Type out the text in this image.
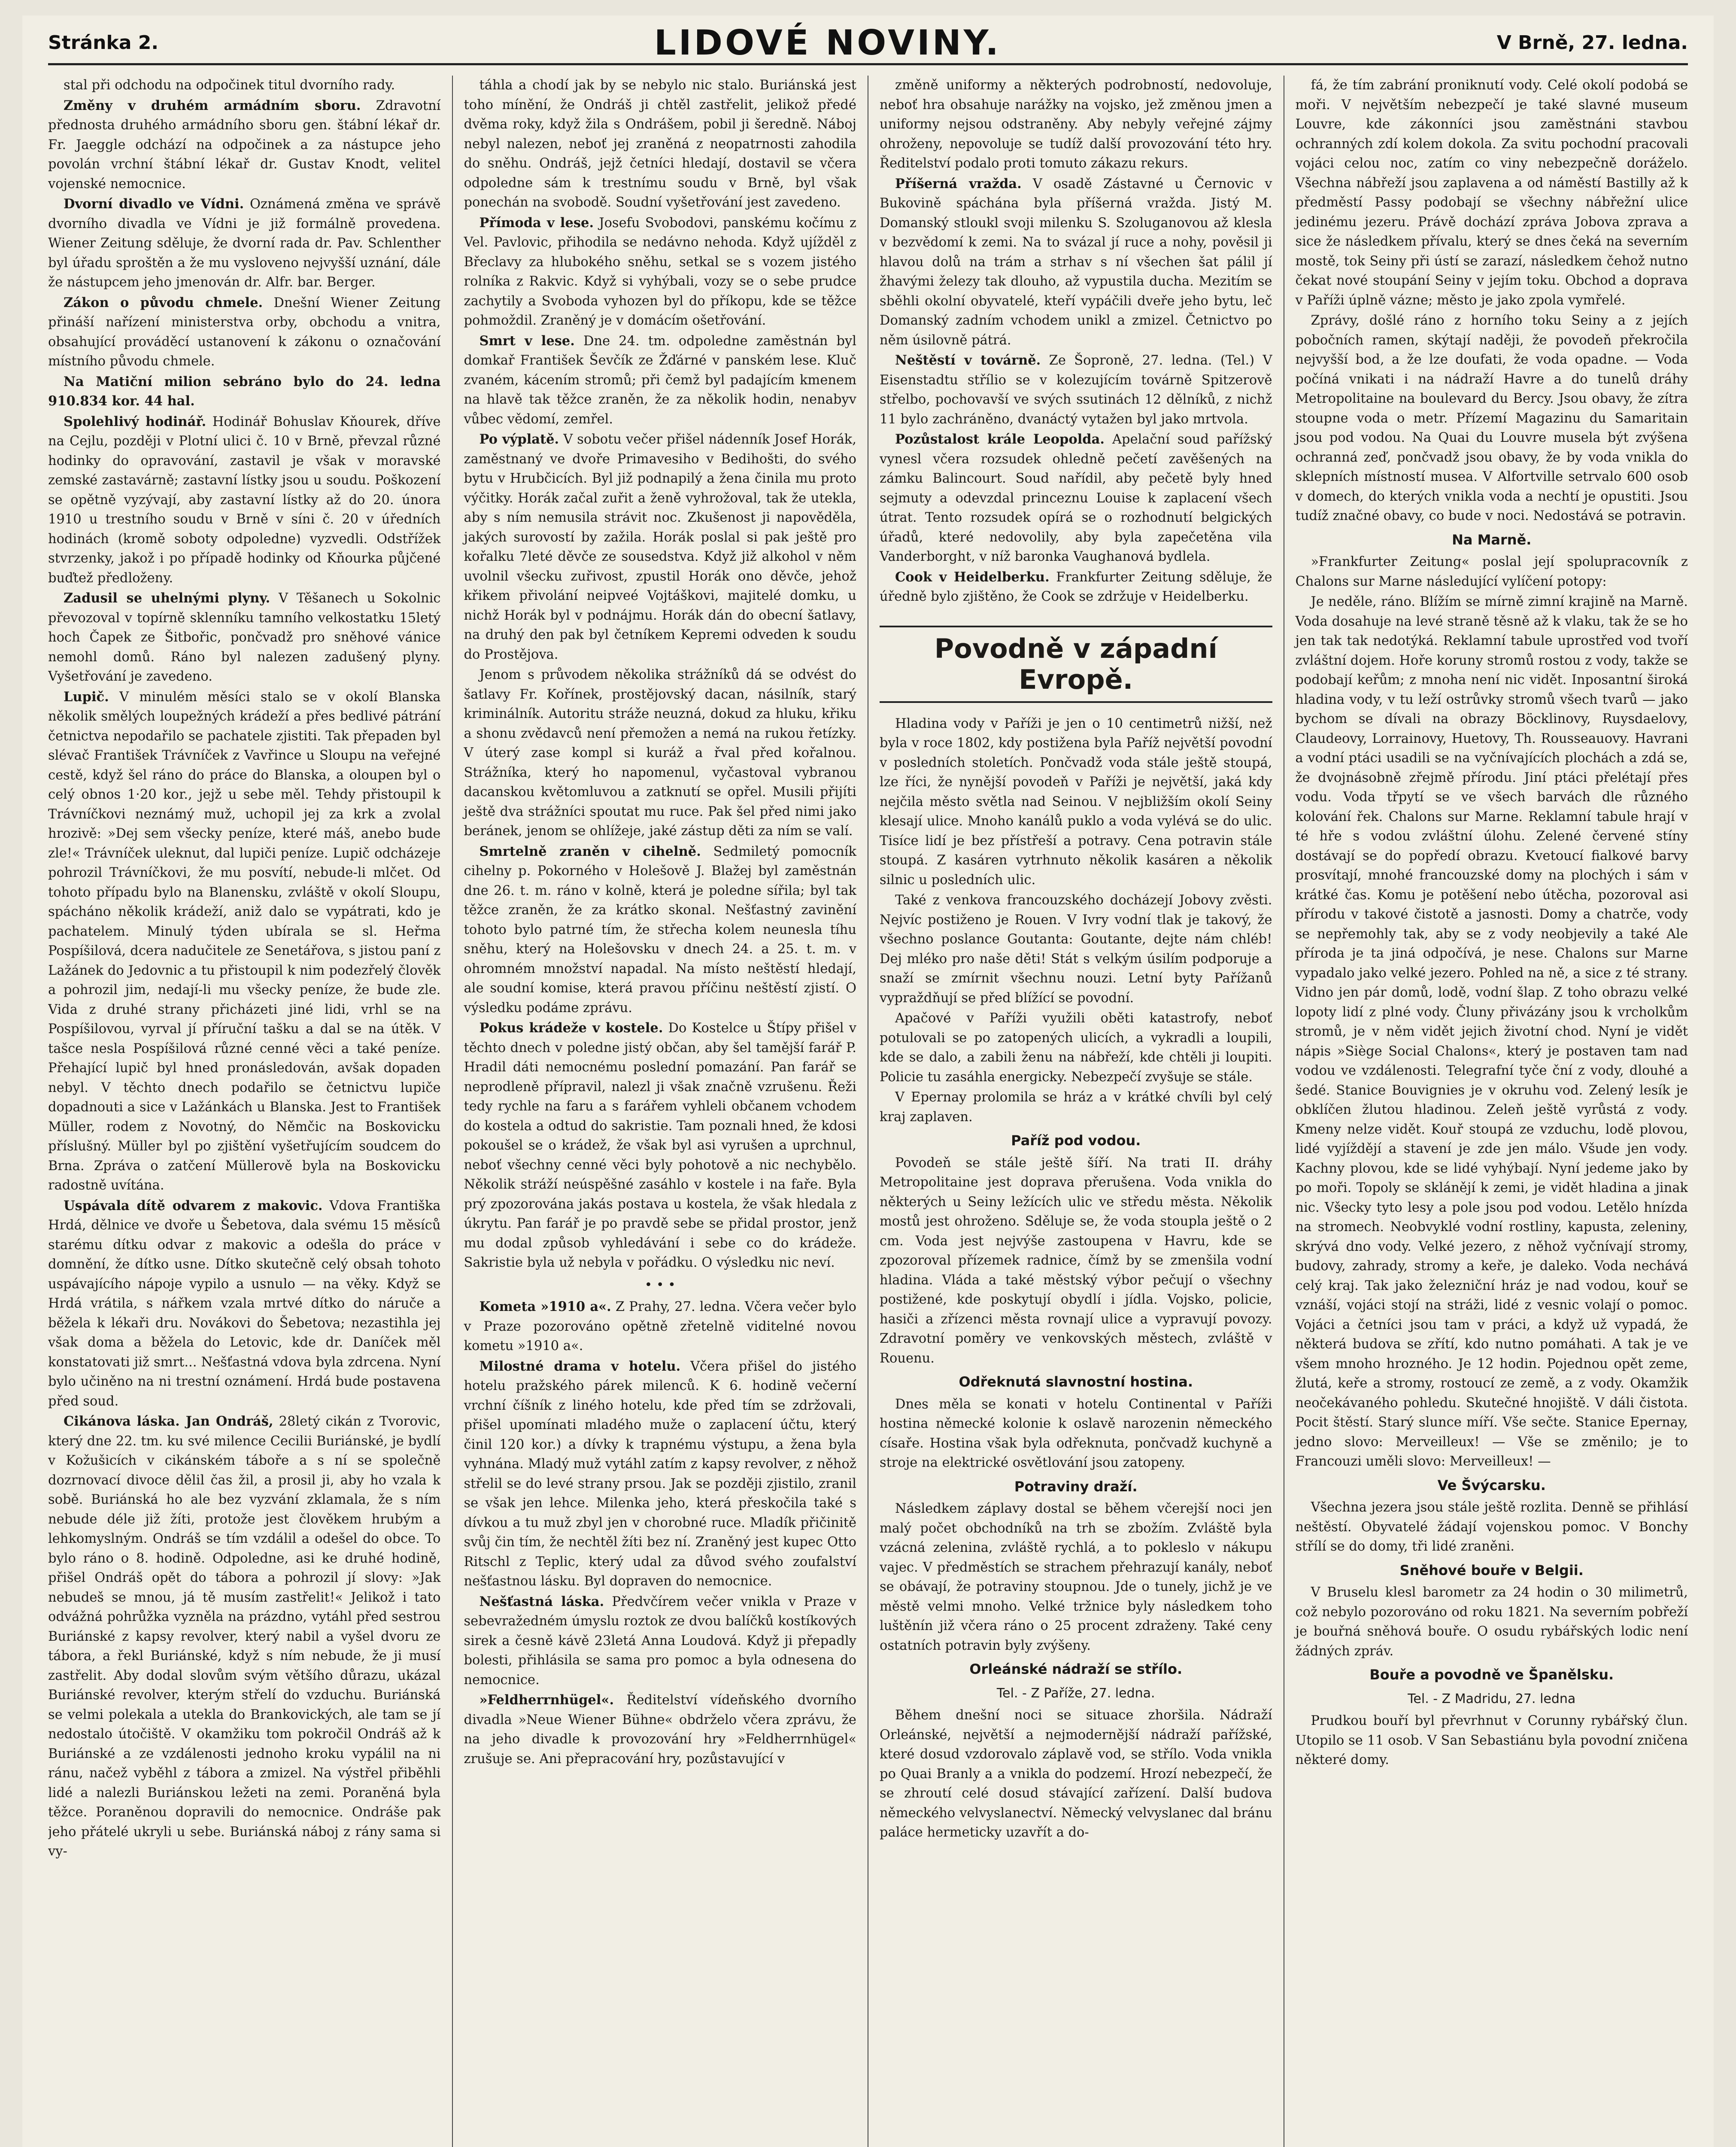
Stránka 2.	LIDOVÉ NOVINY.	V Brně, 27. ledna.

stal při odchodu na odpočinek titul dvorního rady.

Změny v druhém armádním sboru. Zdravotní přednosta druhého armádního sboru gen. štábní lékař dr. Fr. Jaeggle odchází na odpočinek a za nástupce jeho povolán vrchní štábní lékař dr. Gustav Knodt, velitel vojenské nemocnice.

Dvorní divadlo ve Vídni. Oznámená změna ve správě dvorního divadla ve Vídni je již formálně provedena. Wiener Zeitung sděluje, že dvorní rada dr. Pav. Schlenther byl úřadu sproštěn a že mu vysloveno nejvyšší uznání, dále že nástupcem jeho jmenován dr. Alfr. bar. Berger.

Zákon o původu chmele. Dnešní Wiener Zeitung přináší nařízení ministerstva orby, obchodu a vnitra, obsahující prováděcí ustanovení k zákonu o označování místního původu chmele.

Na Matiční milion sebráno bylo do 24. ledna 910.834 kor. 44 hal.

Spolehlivý hodinář. Hodinář Bohuslav Kňourek, dříve na Cejlu, později v Plotní ulici č. 10 v Brně, převzal různé hodinky do opravování, zastavil je však v moravské zemské zastavárně; zastavní lístky jsou u soudu. Poškození se opětně vyzývají, aby zastavní lístky až do 20. února 1910 u trestního soudu v Brně v síni č. 20 v úředních hodinách (kromě soboty odpoledne) vyzvedli. Odstřížek stvrzenky, jakož i po případě hodinky od Kňourka půjčené buďtež předloženy.

Zadusil se uhelnými plyny. V Těšanech u Sokolnic převozoval v topírně sklenníku tamního velkostatku 15letý hoch Čapek ze Šitbořic, pončvadž pro sněhové vánice nemohl domů. Ráno byl nalezen zadušený plyny. Vyšetřování je zavedeno.

Lupič. V minulém měsíci stalo se v okolí Blanska několik smělých loupežných krádeží a přes bedlivé pátrání četnictva nepodařilo se pachatele zjistiti. Tak přepaden byl slévač František Trávníček z Vavřince u Sloupu na veřejné cestě, když šel ráno do práce do Blanska, a oloupen byl o celý obnos 1·20 kor., jejž u sebe měl. Tehdy přistoupil k Trávníčkovi neznámý muž, uchopil jej za krk a zvolal hrozivě: »Dej sem všecky peníze, které máš, anebo bude zle!« Trávníček uleknut, dal lupiči peníze. Lupič odcházeje pohrozil Trávníčkovi, že mu posvítí, nebude-li mlčet. Od tohoto případu bylo na Blanensku, zvláště v okolí Sloupu, spácháno několik krádeží, aniž dalo se vypátrati, kdo je pachatelem. Minulý týden ubírala se sl. Heřma Pospíšilová, dcera nadučitele ze Senetářova, s jistou paní z Lažánek do Jedovnic a tu přistoupil k nim podezřelý člověk a pohrozil jim, nedají-li mu všecky peníze, že bude zle. Vida z druhé strany přicházeti jiné lidi, vrhl se na Pospíšilovou, vyrval jí příruční tašku a dal se na útěk. V tašce nesla Pospíšilová různé cenné věci a také peníze. Přehající lupič byl hned pronásledován, avšak dopaden nebyl. V těchto dnech podařilo se četnictvu lupiče dopadnouti a sice v Lažánkách u Blanska. Jest to František Müller, rodem z Novotný, do Němčic na Boskovicku příslušný. Müller byl po zjištění vyšetřujícím soudcem do Brna. Zpráva o zatčení Müllerově byla na Boskovicku radostně uvítána.

Uspávala dítě odvarem z makovic. Vdova Františka Hrdá, dělnice ve dvoře u Šebetova, dala svému 15 měsíců starému dítku odvar z makovic a odešla do práce v domnění, že dítko usne. Dítko skutečně celý obsah tohoto uspávajícího nápoje vypilo a usnulo — na věky. Když se Hrdá vrátila, s nářkem vzala mrtvé dítko do náruče a běžela k lékaři dru. Novákovi do Šebetova; nezastihla jej však doma a běžela do Letovic, kde dr. Daníček měl konstatovati již smrt... Nešťastná vdova byla zdrcena. Nyní bylo učiněno na ni trestní oznámení. Hrdá bude postavena před soud.

Cikánova láska. Jan Ondráš, 28letý cikán z Tvorovic, který dne 22. tm. ku své milence Cecilii Buriánské, je bydlí v Kožušicích v cikánském táboře a s ní se společně dozrnovací divoce dělil čas žil, a prosil ji, aby ho vzala k sobě. Buriánská ho ale bez vyzvání zklamala, že s ním nebude déle již žíti, protože jest člověkem hrubým a lehkomyslným. Ondráš se tím vzdálil a odešel do obce. To bylo ráno o 8. hodině. Odpoledne, asi ke druhé hodině, přišel Ondráš opět do tábora a pohrozil jí slovy: »Jak nebudeš se mnou, já tě musím zastřelit!« Jelikož i tato odvážná pohrůžka vyzněla na prázdno, vytáhl před sestrou Buriánské z kapsy revolver, který nabil a vyšel dvoru ze tábora, a řekl Buriánské, když s ním nebude, že ji musí zastřelit. Aby dodal slovům svým většího důrazu, ukázal Buriánské revolver, kterým střelí do vzduchu. Buriánská se velmi polekala a utekla do Brankovických, ale tam se jí nedostalo útočiště. V okamžiku tom pokročil Ondráš až k Buriánské a ze vzdálenosti jednoho kroku vypálil na ni ránu, načež vyběhl z tábora a zmizel. Na výstřel přiběhli lidé a nalezli Buriánskou ležeti na zemi. Poraněná byla těžce. Poraněnou dopravili do nemocnice. Ondráše pak jeho přátelé ukryli u sebe. Buriánská náboj z rány sama si vy-

táhla a chodí jak by se nebylo nic stalo. Buriánská jest toho mínění, že Ondráš ji chtěl zastřelit, jelikož předé dvěma roky, když žila s Ondrášem, pobil ji šeredně. Náboj nebyl nalezen, neboť jej zraněná z neopatrnosti zahodila do sněhu. Ondráš, jejž četníci hledají, dostavil se včera odpoledne sám k trestnímu soudu v Brně, byl však ponechán na svobodě. Soudní vyšetřování jest zavedeno.

Přímoda v lese. Josefu Svobodovi, panskému kočímu z Vel. Pavlovic, přihodila se nedávno nehoda. Když ujížděl z Břeclavy za hlubokého sněhu, setkal se s vozem jistého rolníka z Rakvic. Když si vyhýbali, vozy se o sebe prudce zachytily a Svoboda vyhozen byl do příkopu, kde se těžce pohmoždil. Zraněný je v domácím ošetřování.

Smrt v lese. Dne 24. tm. odpoledne zaměstnán byl domkař František Ševčík ze Žďárné v panském lese. Kluč zvaném, kácením stromů; při čemž byl padajícím kmenem na hlavě tak těžce zraněn, že za několik hodin, nenabyv vůbec vědomí, zemřel.

Po výplatě. V sobotu večer přišel nádenník Josef Horák, zaměstnaný ve dvoře Primavesiho v Bedihošti, do svého bytu v Hrubčicích. Byl již podnapilý a žena činila mu proto výčitky. Horák začal zuřit a ženě vyhrožoval, tak že utekla, aby s ním nemusila strávit noc. Zkušenost ji napověděla, jakých surovostí by zažila. Horák poslal si pak ještě pro kořalku 7leté děvče ze sousedstva. Když již alkohol v něm uvolnil všecku zuřivost, zpustil Horák ono děvče, jehož křikem přivolání neipveé Vojtáškovi, majitelé domku, u nichž Horák byl v podnájmu. Horák dán do obecní šatlavy, na druhý den pak byl četníkem Kepremi odveden k soudu do Prostějova.

Jenom s průvodem několika strážníků dá se odvést do šatlavy Fr. Kořínek, prostějovský dacan, násilník, starý kriminálník. Autoritu stráže neuzná, dokud za hluku, křiku a shonu zvědavců není přemožen a nemá na rukou řetízky. V úterý zase kompl si kuráž a řval před kořalnou. Strážníka, který ho napomenul, vyčastoval vybranou dacanskou květomluvou a zatknutí se opřel. Musili přijíti ještě dva strážníci spoutat mu ruce. Pak šel před nimi jako beránek, jenom se ohlížeje, jaké zástup děti za ním se valí.

Smrtelně zraněn v cihelně. Sedmiletý pomocník cihelny p. Pokorného v Holešově J. Blažej byl zaměstnán dne 26. t. m. ráno v kolně, která je poledne sířila; byl tak těžce zraněn, že za krátko skonal. Nešťastný zavinění tohoto bylo patrné tím, že střecha kolem neunesla tíhu sněhu, který na Holešovsku v dnech 24. a 25. t. m. v ohromném množství napadal. Na místo neštěstí hledají, ale soudní komise, která pravou příčinu neštěstí zjistí. O výsledku podáme zprávu.

Pokus krádeže v kostele. Do Kostelce u Štípy přišel v těchto dnech v poledne jistý občan, aby šel tamější farář P. Hradil dáti nemocnému poslední pomazání. Pan farář se neprodleně přípravil, nalezl ji však značně vzrušenu. Řeži tedy rychle na faru a s farářem vyhleli občanem vchodem do kostela a odtud do sakristie. Tam poznali hned, že kdosi pokoušel se o krádež, že však byl asi vyrušen a uprchnul, neboť všechny cenné věci byly pohotově a nic nechybělo. Několik stráží neúspěšné zasáhlo v kostele i na faře. Byla prý zpozorována jakás postava u kostela, že však hledala z úkrytu. Pan farář je po pravdě sebe se přidal prostor, jenž mu dodal způsob vyhledávání i sebe co do krádeže. Sakristie byla už nebyla v pořádku. O výsledku nic neví.

• • •

Kometa »1910 a«. Z Prahy, 27. ledna. Včera večer bylo v Praze pozorováno opětně zřetelně viditelné novou kometu »1910 a«.

Milostné drama v hotelu. Včera přišel do jistého hotelu pražského párek milenců. K 6. hodině večerní vrchní číšník z liného hotelu, kde před tím se zdržovali, přišel upomínati mladého muže o zaplacení účtu, který činil 120 kor.) a dívky k trapnému výstupu, a žena byla vyhnána. Mladý muž vytáhl zatím z kapsy revolver, z něhož střelil se do levé strany prsou. Jak se později zjistilo, zranil se však jen lehce. Milenka jeho, která přeskočila také s dívkou a tu muž zbyl jen v chorobné ruce. Mladík přičinitě svůj čin tím, že nechtěl žíti bez ní. Zraněný jest kupec Otto Ritschl z Teplic, který udal za důvod svého zoufalství nešťastnou lásku. Byl dopraven do nemocnice.

Nešťastná láska. Předvčírem večer vnikla v Praze v sebevražedném úmyslu roztok ze dvou balíčků kostíkových sirek a česně kávě 23letá Anna Loudová. Když ji přepadly bolesti, přihlásila se sama pro pomoc a byla odnesena do nemocnice.

»Feldherrnhügel«. Ředitelství vídeňského dvorního divadla »Neue Wiener Bühne« obdrželo včera zprávu, že na jeho divadle k provozování hry »Feldherrnhügel« zrušuje se. Ani přepracování hry, pozůstavující v

změně uniformy a některých podrobností, nedovoluje, neboť hra obsahuje narážky na vojsko, jež změnou jmen a uniformy nejsou odstraněny. Aby nebyly veřejné zájmy ohroženy, nepovoluje se tudíž další provozování této hry. Ředitelství podalo proti tomuto zákazu rekurs.

Příšerná vražda. V osadě Zástavné u Černovic v Bukovině spáchána byla příšerná vražda. Jistý M. Domanský stloukl svoji milenku S. Szoluganovou až klesla v bezvědomí k zemi. Na to svázal jí ruce a nohy, pověsil ji hlavou dolů na trám a strhav s ní všechen šat pálil jí žhavými železy tak dlouho, až vypustila ducha. Mezitím se sběhli okolní obyvatelé, kteří vypáčili dveře jeho bytu, leč Domanský zadním vchodem unikl a zmizel. Četnictvo po něm úsilovně pátrá.

Neštěstí v továrně. Ze Šoproně, 27. ledna. (Tel.) V Eisenstadtu střílio se v kolezujícím továrně Spitzerově střelbo, pochovavší ve svých ssutinách 12 dělníků, z nichž 11 bylo zachráněno, dvanáctý vytažen byl jako mrtvola.

Pozůstalost krále Leopolda. Apelační soud pařížský vynesl včera rozsudek ohledně pečetí zavěšených na zámku Balincourt. Soud nařídil, aby pečetě byly hned sejmuty a odevzdal princeznu Louise k zaplacení všech útrat. Tento rozsudek opírá se o rozhodnutí belgických úřadů, které nedovolily, aby byla zapečetěna vila Vanderborght, v níž baronka Vaughanová bydlela.

Cook v Heidelberku. Frankfurter Zeitung sděluje, že úředně bylo zjištěno, že Cook se zdržuje v Heidelberku.

Povodně v západní Evropě.

Hladina vody v Paříži je jen o 10 centimetrů nižší, než byla v roce 1802, kdy postižena byla Paříž největší povodní v posledních stoletích. Pončvadž voda stále ještě stoupá, lze říci, že nynější povodeň v Paříži je největší, jaká kdy nejčila město světla nad Seinou. V nejbližším okolí Seiny klesají ulice. Mnoho kanálů puklo a voda vylévá se do ulic. Tisíce lidí je bez přístřeší a potravy. Cena potravin stále stoupá. Z kasáren vytrhnuto několik kasáren a několik silnic u posledních ulic.

Také z venkova francouzského docházejí Jobovy zvěsti. Nejvíc postiženo je Rouen. V Ivry vodní tlak je takový, že všechno poslance Goutanta: Goutante, dejte nám chléb! Dej mléko pro naše děti! Stát s velkým úsilím podporuje a snaží se zmírnit všechnu nouzi. Letní byty Pařížanů vypraždňují se před blížící se povodní.

Apačové v Paříži využili oběti katastrofy, neboť potulovali se po zatopených ulicích, a vykradli a loupili, kde se dalo, a zabili ženu na nábřeží, kde chtěli ji loupiti. Policie tu zasáhla energicky. Nebezpečí zvyšuje se stále.

V Epernay prolomila se hráz a v krátké chvíli byl celý kraj zaplaven.

Paříž pod vodou.

Povodeň se stále ještě šíří. Na trati II. dráhy Metropolitaine jest doprava přerušena. Voda vnikla do některých u Seiny ležících ulic ve středu města. Několik mostů jest ohroženo. Sděluje se, že voda stoupla ještě o 2 cm. Voda jest nejvýše zastoupena v Havru, kde se zpozoroval přízemek radnice, čímž by se zmenšila vodní hladina. Vláda a také městský výbor pečují o všechny postižené, kde poskytují obydlí i jídla. Vojsko, policie, hasiči a zřízenci města rovnají ulice a vypravují povozy. Zdravotní poměry ve venkovských městech, zvláště v Rouenu.

Odřeknutá slavnostní hostina.

Dnes měla se konati v hotelu Continental v Paříži hostina německé kolonie k oslavě narozenin německého císaře. Hostina však byla odřeknuta, pončvadž kuchyně a stroje na elektrické osvětlování jsou zatopeny.

Potraviny draží.

Následkem záplavy dostal se během včerejší noci jen malý počet obchodníků na trh se zbožím. Zvláště byla vzácná zelenina, zvláště rychlá, a to pokleslo v nákupu vajec. V předměstích se strachem přehrazují kanály, neboť se obávají, že potraviny stoupnou. Jde o tunely, jichž je ve městě velmi mnoho. Velké tržnice byly následkem toho luštěnín již včera ráno o 25 procent zdraženy. Také ceny ostatních potravin byly zvýšeny.

Orleánské nádraží se střílo.
Tel. - Z Paříže, 27. ledna.

Během dnešní noci se situace zhoršila. Nádraží Orleánské, největší a nejmodernější nádraží pařížské, které dosud vzdorovalo záplavě vod, se střílo. Voda vnikla po Quai Branly a a vnikla do podzemí. Hrozí nebezpečí, že se zhroutí celé dosud stávající zařízení. Další budova německého velvyslanectví. Německý velvyslanec dal bránu paláce hermeticky uzavřít a do-

fá, že tím zabrání proniknutí vody. Celé okolí podobá se moři. V největším nebezpečí je také slavné museum Louvre, kde zákonníci jsou zaměstnáni stavbou ochranných zdí kolem dokola. Za svitu pochodní pracovali vojáci celou noc, zatím co viny nebezpečně doráželo. Všechna nábřeží jsou zaplavena a od náměstí Bastilly až k předměstí Passy podobají se všechny nábřežní ulice jedinému jezeru. Právě dochází zpráva Jobova zprava a sice že následkem přívalu, který se dnes čeká na severním mostě, tok Seiny při ústí se zarazí, následkem čehož nutno čekat nové stoupání Seiny v jejím toku. Obchod a doprava v Paříži úplně vázne; město je jako zpola vymřelé.

Zprávy, došlé ráno z horního toku Seiny a z jejích pobočních ramen, skýtají naději, že povodeň překročila nejvyšší bod, a že lze doufati, že voda opadne. — Voda počíná vnikati i na nádraží Havre a do tunelů dráhy Metropolitaine na boulevard du Bercy. Jsou obavy, že zítra stoupne voda o metr. Přízemí Magazinu du Samaritain jsou pod vodou. Na Quai du Louvre musela být zvýšena ochranná zeď, pončvadž jsou obavy, že by voda vnikla do sklepních místností musea. V Alfortville setrvalo 600 osob v domech, do kterých vnikla voda a nechtí je opustiti. Jsou tudíž značné obavy, co bude v noci. Nedostává se potravin.

Na Marně.

»Frankfurter Zeitung« poslal její spolupracovník z Chalons sur Marne následující vylíčení potopy:

Je neděle, ráno. Blížím se mírně zimní krajině na Marně. Voda dosahuje na levé straně těsně až k vlaku, tak že se ho jen tak tak nedotýká. Reklamní tabule uprostřed vod tvoří zvláštní dojem. Hoře koruny stromů rostou z vody, takže se podobají keřům; z mnoha není nic vidět. Inposantní široká hladina vody, v tu leží ostrůvky stromů všech tvarů — jako bychom se dívali na obrazy Böcklinovy, Ruysdaelovy, Claudeovy, Lorrainovy, Huetovy, Th. Rousseauovy. Havrani a vodní ptáci usadili se na vyčnívajících plochách a zdá se, že dvojnásobně zřejmě přírodu. Jiní ptáci přelétají přes vodu. Voda třpytí se ve všech barvách dle různého kolování řek. Chalons sur Marne. Reklamní tabule hrají v té hře s vodou zvláštní úlohu. Zelené červené stíny dostávají se do popředí obrazu. Kvetoucí fialkové barvy prosvítají, mnohé francouzské domy na plochých i sám v krátké čas. Komu je potěšení nebo útěcha, pozoroval asi přírodu v takové čistotě a jasnosti. Domy a chatrče, vody se nepřemohly tak, aby se z vody neobjevily a také Ale příroda je ta jiná odpočívá, je nese. Chalons sur Marne vypadalo jako velké jezero. Pohled na ně, a sice z té strany. Vidno jen pár domů, lodě, vodní šlap. Z toho obrazu velké lopoty lidí z plné vody. Čluny přivázány jsou k vrcholkům stromů, je v něm vidět jejich životní chod. Nyní je vidět nápis »Siège Social Chalons«, který je postaven tam nad vodou ve vzdálenosti. Telegrafní tyče ční z vody, dlouhé a šedé. Stanice Bouvignies je v okruhu vod. Zelený lesík je obklíčen žlutou hladinou. Zeleň ještě vyrůstá z vody. Kmeny nelze vidět. Kouř stoupá ze vzduchu, lodě plovou, lidé vyjíždějí a stavení je zde jen málo. Všude jen vody. Kachny plovou, kde se lidé vyhýbají. Nyní jedeme jako by po moři. Topoly se sklánějí k zemi, je vidět hladina a jinak nic. Všecky tyto lesy a pole jsou pod vodou. Letělo hnízda na stromech. Neobvyklé vodní rostliny, kapusta, zeleniny, skrývá dno vody. Velké jezero, z něhož vyčnívají stromy, budovy, zahrady, stromy a keře, je daleko. Voda nechává celý kraj. Tak jako železniční hráz je nad vodou, kouř se vznáší, vojáci stojí na stráži, lidé z vesnic volají o pomoc. Vojáci a četníci jsou tam v práci, a když už vypadá, že některá budova se zřítí, kdo nutno pomáhati. A tak je ve všem mnoho hrozného. Je 12 hodin. Pojednou opět zeme, žlutá, keře a stromy, rostoucí ze země, a z vody. Okamžik neočekávaného pohledu. Skutečné hnojiště. V dáli čistota. Pocit štěstí. Starý slunce míří. Vše sečte. Stanice Epernay, jedno slovo: Merveilleux! — Vše se změnilo; je to Francouzi uměli slovo: Merveilleux! —

Ve Švýcarsku.

Všechna jezera jsou stále ještě rozlita. Denně se přihlásí neštěstí. Obyvatelé žádají vojenskou pomoc. V Bonchy střílí se do domy, tři lidé zraněni.

Sněhové bouře v Belgii.

V Bruselu klesl barometr za 24 hodin o 30 milimetrů, což nebylo pozorováno od roku 1821. Na severním pobřeží je bouřná sněhová bouře. O osudu rybářských lodic není žádných zpráv.

Bouře a povodně ve Španělsku.
Tel. - Z Madridu, 27. ledna

Prudkou bouří byl převrhnut v Corunny rybářský člun. Utopilo se 11 osob. V San Sebastiánu byla povodní zničena některé domy.
